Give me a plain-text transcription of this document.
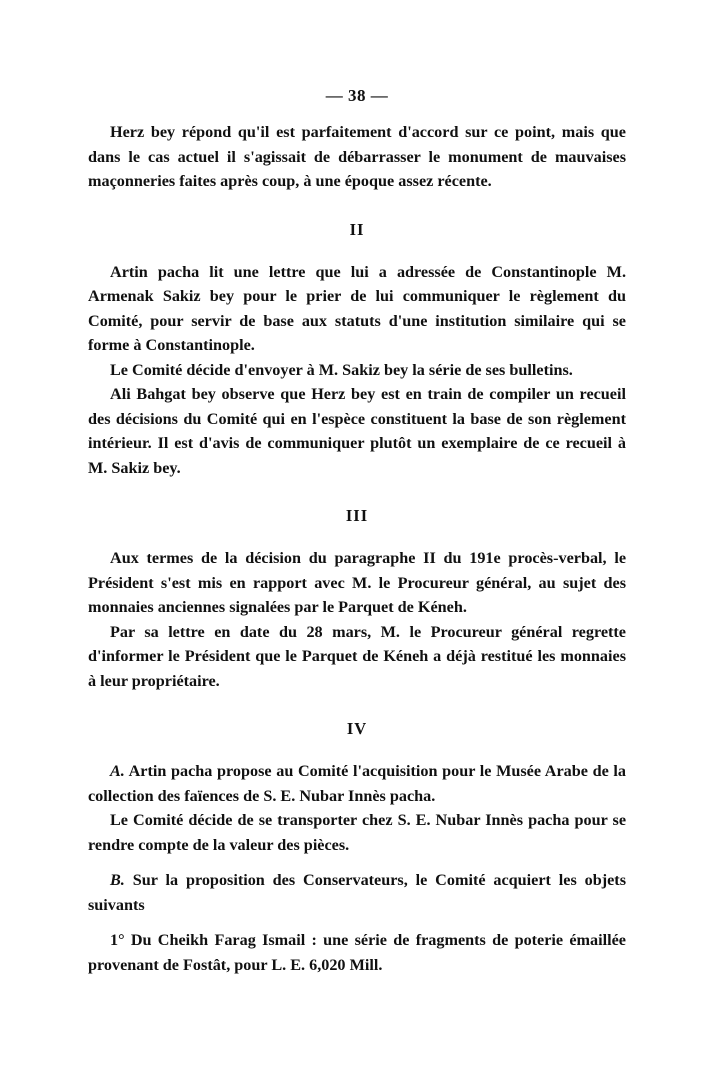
— 38 —

Herz bey répond qu'il est parfaitement d'accord sur ce point, mais que dans le cas actuel il s'agissait de débarrasser le monument de mauvaises maçonneries faites après coup, à une époque assez récente.

II

Artin pacha lit une lettre que lui a adressée de Constantinople M. Armenak Sakiz bey pour le prier de lui communiquer le règlement du Comité, pour servir de base aux statuts d'une institution similaire qui se forme à Constantinople.

Le Comité décide d'envoyer à M. Sakiz bey la série de ses bulletins.

Ali Bahgat bey observe que Herz bey est en train de compiler un recueil des décisions du Comité qui en l'espèce constituent la base de son règlement intérieur. Il est d'avis de communiquer plutôt un exemplaire de ce recueil à M. Sakiz bey.

III

Aux termes de la décision du paragraphe II du 191e procès-verbal, le Président s'est mis en rapport avec M. le Procureur général, au sujet des monnaies anciennes signalées par le Parquet de Kéneh.

Par sa lettre en date du 28 mars, M. le Procureur général regrette d'informer le Président que le Parquet de Kéneh a déjà restitué les monnaies à leur propriétaire.

IV

A. Artin pacha propose au Comité l'acquisition pour le Musée Arabe de la collection des faïences de S. E. Nubar Innès pacha.

Le Comité décide de se transporter chez S. E. Nubar Innès pacha pour se rendre compte de la valeur des pièces.

B. Sur la proposition des Conservateurs, le Comité acquiert les objets suivants

1° Du Cheikh Farag Ismail : une série de fragments de poterie émaillée provenant de Fostât, pour L. E. 6,020 Mill.
